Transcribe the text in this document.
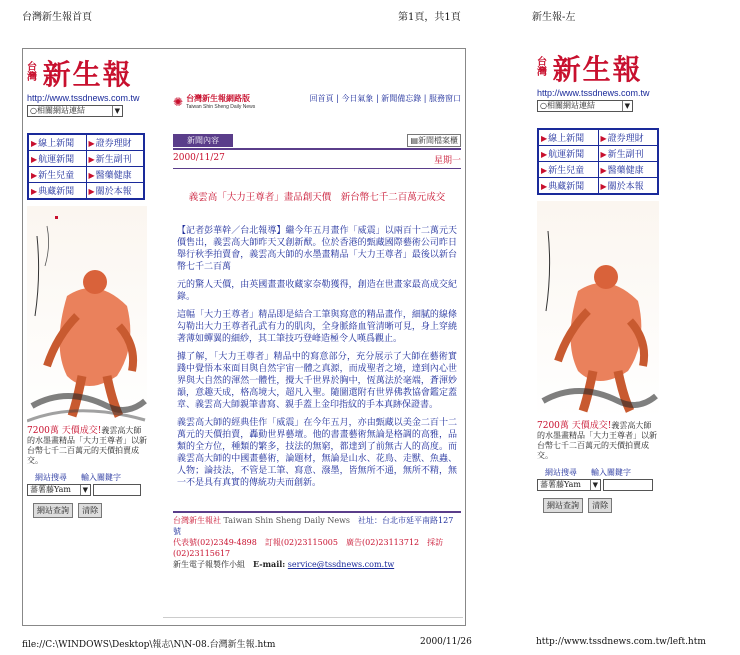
台灣新生報首頁	第1頁，共1頁	新生報-左
台灣 新生報
http://www.tssdnews.com.tw
○相關網站連結	▼
▶線上新聞	▶證券理財
▶航運新聞	▶新生副刊
▶新生兒童	▶醫藥健康
▶典藏新聞	▶關於本報
7200萬 天價成交!義雲高大師的水墨畫精品「大力王尊者」以新台幣七千二百萬元的天價拍賣成交。
網站搜尋 輸入關鍵字
蕃薯藤Yam	▼
網站查詢 清除
✺ 台灣新生報網路版
Taiwan Shin Sheng Daily News
回首頁 | 今日氣象 | 新聞備忘錄 | 服務窗口
新聞內容	▤新聞檔案櫃
2000/11/27	星期一
義雲高「大力王尊者」畫品創天價　新台幣七千二百萬元成交

【記者彭華幹／台北報導】繼今年五月畫作「威震」以兩百十二萬元天價售出，義雲高大師昨天又創新猷。位於香港的甄藏國際藝術公司昨日舉行秋季拍賣會，義雲高大師的水墨畫精品「大力王尊者」最後以新台幣七千二百萬

元的驚人天價，由英國畫畫收藏家奈勒獲得，創造在世畫家最高成交紀錄。

這幅「大力王尊者」精品即是結合工筆與寫意的精品畫作，細膩的線條勾勒出大力王尊者孔武有力的肌肉，全身脈絡血管清晰可見，身上穿繞著薄如蟬翼的細紗，其工筆技巧登峰造極令人嘆爲觀止。

據了解，「大力王尊者」精品中的寫意部分，充分展示了大師在藝術實踐中覺悟本來面目與自然宇宙一體之真源，而成聖者之境，達到內心世界與大自然的渾然一體性，攪大千世界於胸中，恆萬法於毫端，蒼渾妙韻，意趣天成，格高境大，超凡入聖。隨圖還附有世界佛教協會鑑定蓋章、義雲高大師親筆書寫、親手蓋上金印指紋的手本真跡保證書。

義雲高大師的經典佳作「威震」在今年五月，亦由甄藏以美金二百十二萬元的天價拍賣，轟動世界藝壇。他的書畫藝術無論是格調的高雅，品類的全方位，種類的繁多，技法的無窮，都達到了前無古人的高度。而義雲高大師的中國畫藝術，論題材，無論是山水、花鳥、走獸、魚蟲、人物；論技法，不管是工筆、寫意、潑墨，皆無所不通，無所不精，無一不是具有真實的傳統功夫而創新。

台灣新生報社 Taiwan Shin Sheng Daily News　 社址：台北市延平南路127號
代表號(02)2349-4898　訂報(02)23115005　廣告(02)23113712　採訪(02)23115617
新生電子報製作小組　 E-mail: service@tssdnews.com.tw
台灣 新生報
http://www.tssdnews.com.tw
○相關網站連結	▼
▶線上新聞	▶證券理財
▶航運新聞	▶新生副刊
▶新生兒童	▶醫藥健康
▶典藏新聞	▶關於本報
7200萬 天價成交!義雲高大師的水墨畫精品「大力王尊者」以新台幣七千二百萬元的天價拍賣成交。
網站搜尋 輸入關鍵字
蕃薯藤Yam	▼
網站查詢 清除
file://C:\WINDOWS\Desktop\報志\N\N-08.台灣新生報.htm	2000/11/26	http://www.tssdnews.com.tw/left.htm
